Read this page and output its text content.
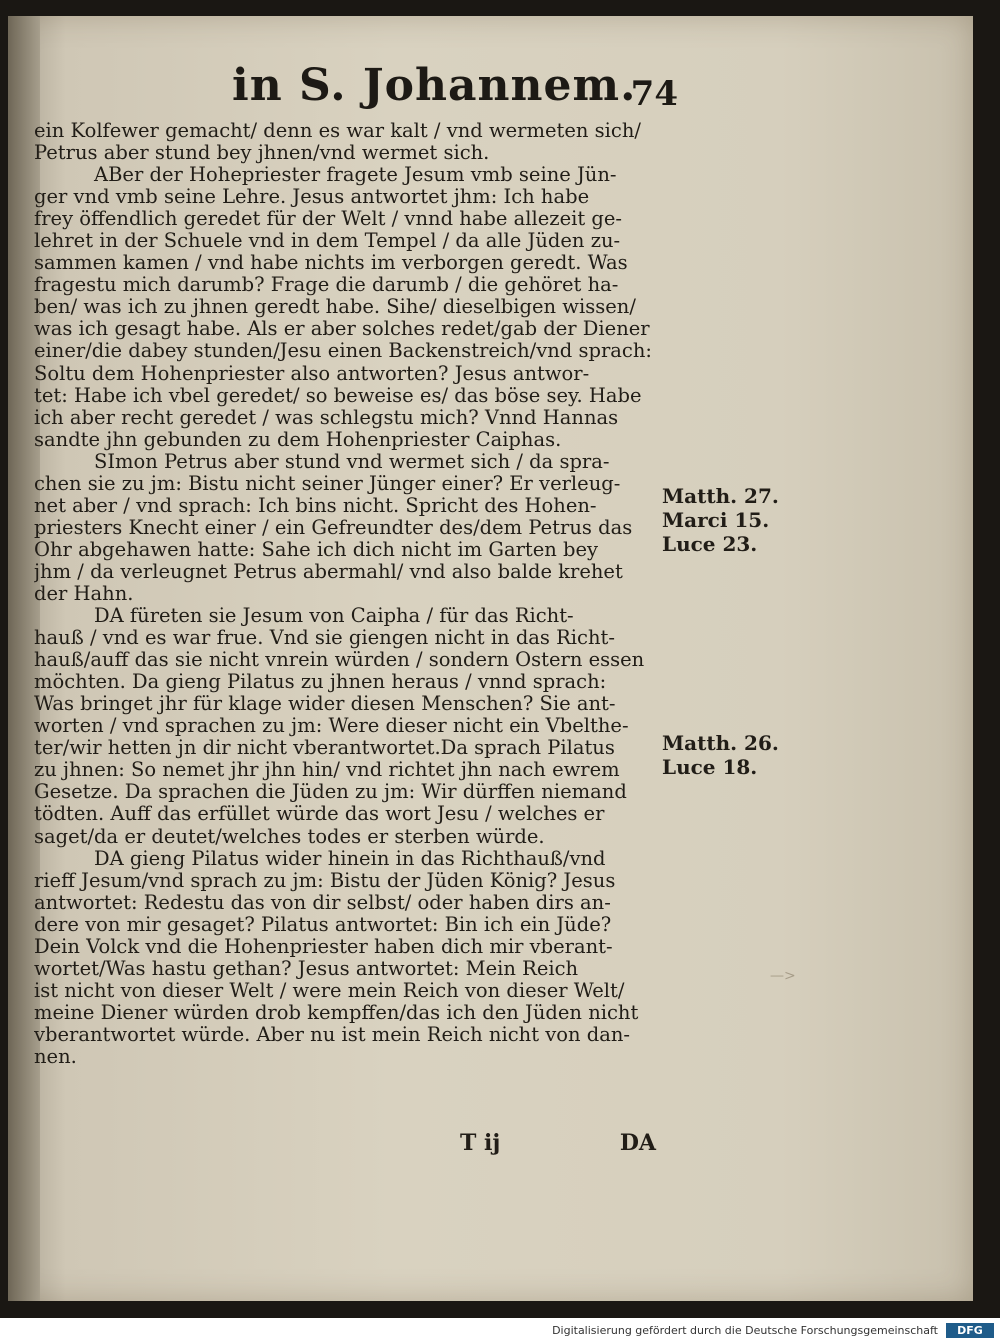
in S. Johannem.
74
ein Kolfewer gemacht/ denn es war kalt / vnd wermeten sich/
Petrus aber stund bey jhnen/vnd wermet sich.
ABer der Hohepriester fragete Jesum vmb seine Jün-
ger vnd vmb seine Lehre. Jesus antwortet jhm: Ich habe
frey öffendlich geredet für der Welt / vnnd habe allezeit ge-
lehret in der Schuele vnd in dem Tempel / da alle Jüden zu-
sammen kamen / vnd habe nichts im verborgen geredt. Was
fragestu mich darumb? Frage die darumb / die gehöret ha-
ben/ was ich zu jhnen geredt habe. Sihe/ dieselbigen wissen/
was ich gesagt habe. Als er aber solches redet/gab der Diener
einer/die dabey stunden/Jesu einen Backenstreich/vnd sprach:
Soltu dem Hohenpriester also antworten? Jesus antwor-
tet: Habe ich vbel geredet/ so beweise es/ das böse sey. Habe
ich aber recht geredet / was schlegstu mich? Vnnd Hannas
sandte jhn gebunden zu dem Hohenpriester Caiphas.
SImon Petrus aber stund vnd wermet sich / da spra-
chen sie zu jm: Bistu nicht seiner Jünger einer? Er verleug-
net aber / vnd sprach: Ich bins nicht. Spricht des Hohen-
priesters Knecht einer / ein Gefreundter des/dem Petrus das
Ohr abgehawen hatte: Sahe ich dich nicht im Garten bey
jhm / da verleugnet Petrus abermahl/ vnd also balde krehet
der Hahn.
DA füreten sie Jesum von Caipha / für das Richt-
hauß / vnd es war frue. Vnd sie giengen nicht in das Richt-
hauß/auff das sie nicht vnrein würden / sondern Ostern essen
möchten. Da gieng Pilatus zu jhnen heraus / vnnd sprach:
Was bringet jhr für klage wider diesen Menschen? Sie ant-
worten / vnd sprachen zu jm: Were dieser nicht ein Vbelthe-
ter/wir hetten jn dir nicht vberantwortet.Da sprach Pilatus
zu jhnen: So nemet jhr jhn hin/ vnd richtet jhn nach ewrem
Gesetze. Da sprachen die Jüden zu jm: Wir dürffen niemand
tödten. Auff das erfüllet würde das wort Jesu / welches er
saget/da er deutet/welches todes er sterben würde.
DA gieng Pilatus wider hinein in das Richthauß/vnd
rieff Jesum/vnd sprach zu jm: Bistu der Jüden König? Jesus
antwortet: Redestu das von dir selbst/ oder haben dirs an-
dere von mir gesaget? Pilatus antwortet: Bin ich ein Jüde?
Dein Volck vnd die Hohenpriester haben dich mir vberant-
wortet/Was hastu gethan? Jesus antwortet: Mein Reich
ist nicht von dieser Welt / were mein Reich von dieser Welt/
meine Diener würden drob kempffen/das ich den Jüden nicht
vberantwortet würde. Aber nu ist mein Reich nicht von dan-
nen.
Matth. 27.
Marci 15.
Luce 23.
Matth. 26.
Luce 18.
T ij	DA
—>
Digitalisierung gefördert durch die Deutsche Forschungsgemeinschaft	DFG
